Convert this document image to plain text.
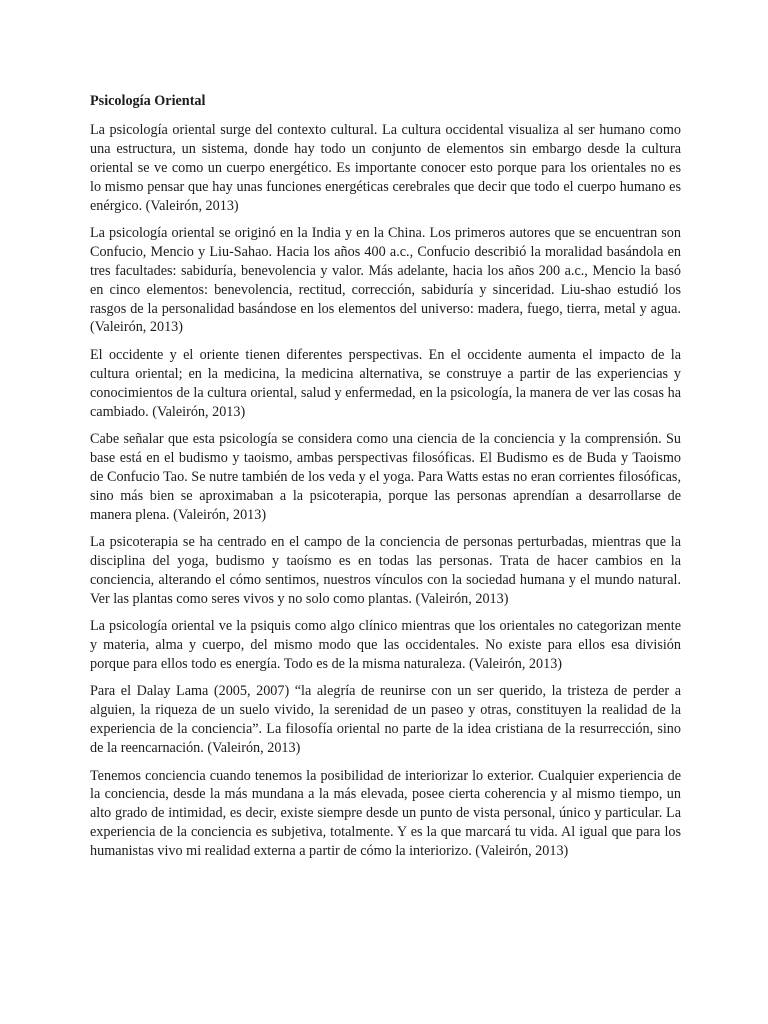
Psicología Oriental

La psicología oriental surge del contexto cultural. La cultura occidental visualiza al ser humano como una estructura, un sistema, donde hay todo un conjunto de elementos sin embargo desde la cultura oriental se ve como un cuerpo energético. Es importante conocer esto porque para los orientales no es lo mismo pensar que hay unas funciones energéticas cerebrales que decir que todo el cuerpo humano es enérgico. (Valeirón, 2013)

La psicología oriental se originó en la India y en la China. Los primeros autores que se encuentran son Confucio, Mencio y Liu-Sahao. Hacia los años 400 a.c., Confucio describió la moralidad basándola en tres facultades: sabiduría, benevolencia y valor. Más adelante, hacia los años 200 a.c., Mencio la basó en cinco elementos: benevolencia, rectitud, corrección, sabiduría y sinceridad. Liu-shao estudió los rasgos de la personalidad basándose en los elementos del universo: madera, fuego, tierra, metal y agua. (Valeirón, 2013)

El occidente y el oriente tienen diferentes perspectivas. En el occidente aumenta el impacto de la cultura oriental; en la medicina, la medicina alternativa, se construye a partir de las experiencias y conocimientos de la cultura oriental, salud y enfermedad, en la psicología, la manera de ver las cosas ha cambiado. (Valeirón, 2013)

Cabe señalar que esta psicología se considera como una ciencia de la conciencia y la comprensión. Su base está en el budismo y taoismo, ambas perspectivas filosóficas. El Budismo es de Buda y Taoismo de Confucio Tao. Se nutre también de los veda y el yoga. Para Watts estas no eran corrientes filosóficas, sino más bien se aproximaban a la psicoterapia, porque las personas aprendían a desarrollarse de manera plena. (Valeirón, 2013)

La psicoterapia se ha centrado en el campo de la conciencia de personas perturbadas, mientras que la disciplina del yoga, budismo y taoísmo es en todas las personas. Trata de hacer cambios en la conciencia, alterando el cómo sentimos, nuestros vínculos con la sociedad humana y el mundo natural. Ver las plantas como seres vivos y no solo como plantas. (Valeirón, 2013)

La psicología oriental ve la psiquis como algo clínico mientras que los orientales no categorizan mente y materia, alma y cuerpo, del mismo modo que las occidentales. No existe para ellos esa división porque para ellos todo es energía. Todo es de la misma naturaleza. (Valeirón, 2013)

Para el Dalay Lama (2005, 2007) “la alegría de reunirse con un ser querido, la tristeza de perder a alguien, la riqueza de un suelo vivido, la serenidad de un paseo y otras, constituyen la realidad de la experiencia de la conciencia”. La filosofía oriental no parte de la idea cristiana de la resurrección, sino de la reencarnación. (Valeirón, 2013)

Tenemos conciencia cuando tenemos la posibilidad de interiorizar lo exterior. Cualquier experiencia de la conciencia, desde la más mundana a la más elevada, posee cierta coherencia y al mismo tiempo, un alto grado de intimidad, es decir, existe siempre desde un punto de vista personal, único y particular. La experiencia de la conciencia es subjetiva, totalmente. Y es la que marcará tu vida. Al igual que para los humanistas vivo mi realidad externa a partir de cómo la interiorizo. (Valeirón, 2013)
